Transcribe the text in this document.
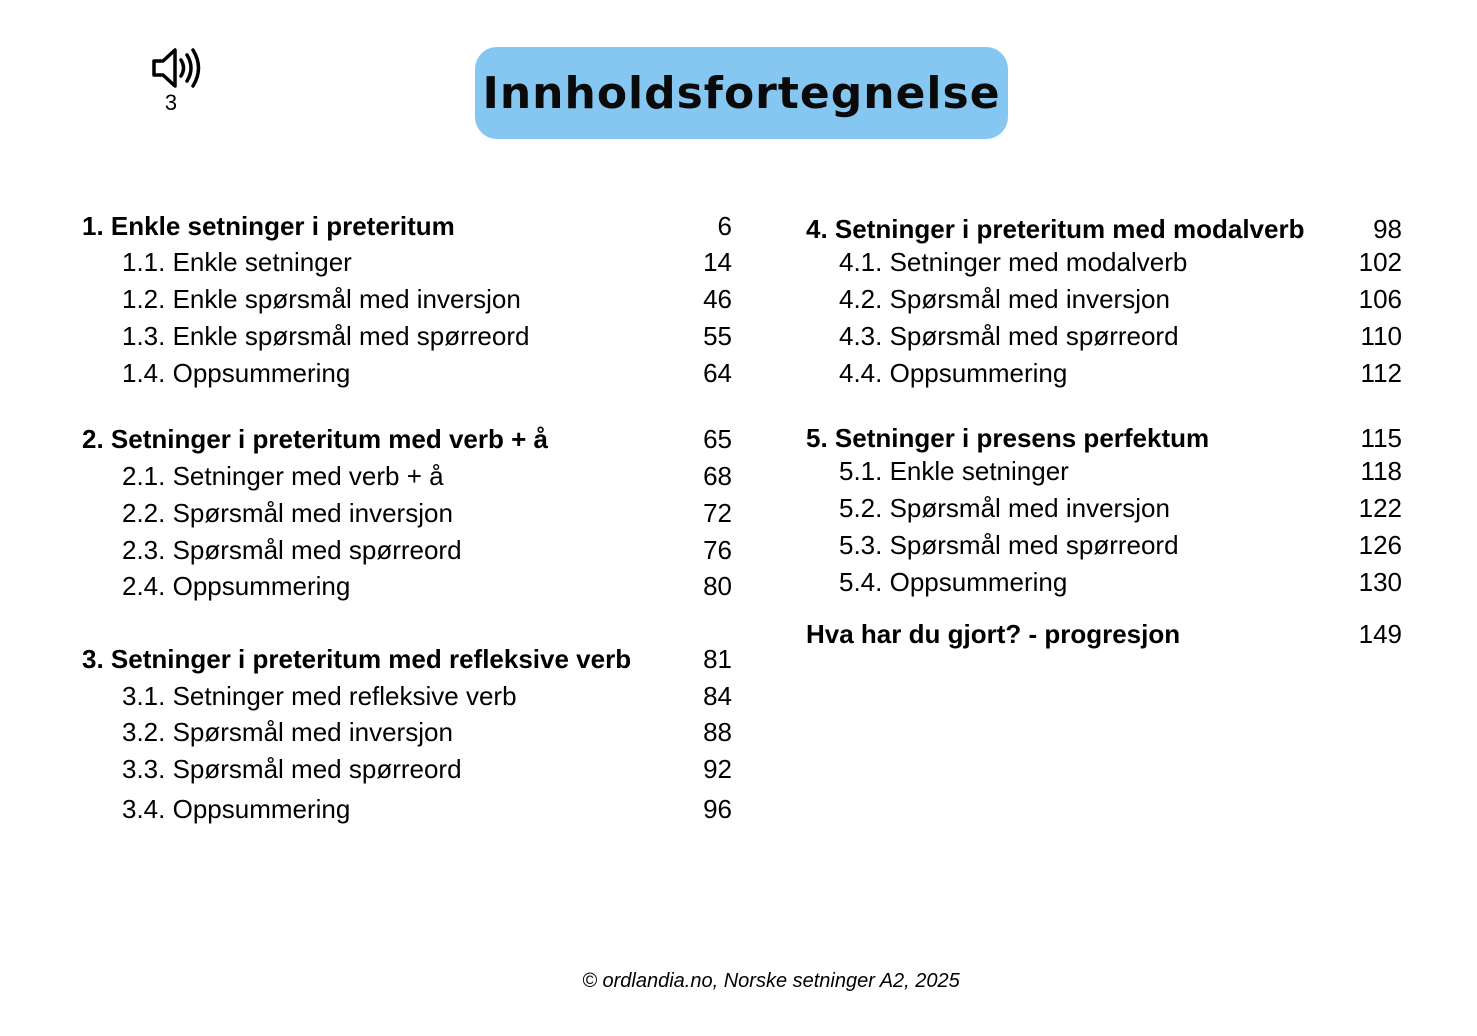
3	Innholdsfortegnelse
1. Enkle setninger i preteritum	6
1.1. Enkle setninger	14
1.2. Enkle spørsmål med inversjon	46
1.3. Enkle spørsmål med spørreord	55
1.4. Oppsummering	64
2. Setninger i preteritum med verb + å	65
2.1. Setninger med verb + å	68
2.2. Spørsmål med inversjon	72
2.3. Spørsmål med spørreord	76
2.4. Oppsummering	80
3. Setninger i preteritum med refleksive verb	81
3.1. Setninger med refleksive verb	84
3.2. Spørsmål med inversjon	88
3.3. Spørsmål med spørreord	92
3.4. Oppsummering	96
4. Setninger i preteritum med modalverb	98
4.1. Setninger med modalverb	102
4.2. Spørsmål med inversjon	106
4.3. Spørsmål med spørreord	110
4.4. Oppsummering	112
5. Setninger i presens perfektum	115
5.1. Enkle setninger	118
5.2. Spørsmål med inversjon	122
5.3. Spørsmål med spørreord	126
5.4. Oppsummering	130
Hva har du gjort? - progresjon	149
© ordlandia.no, Norske setninger A2, 2025
